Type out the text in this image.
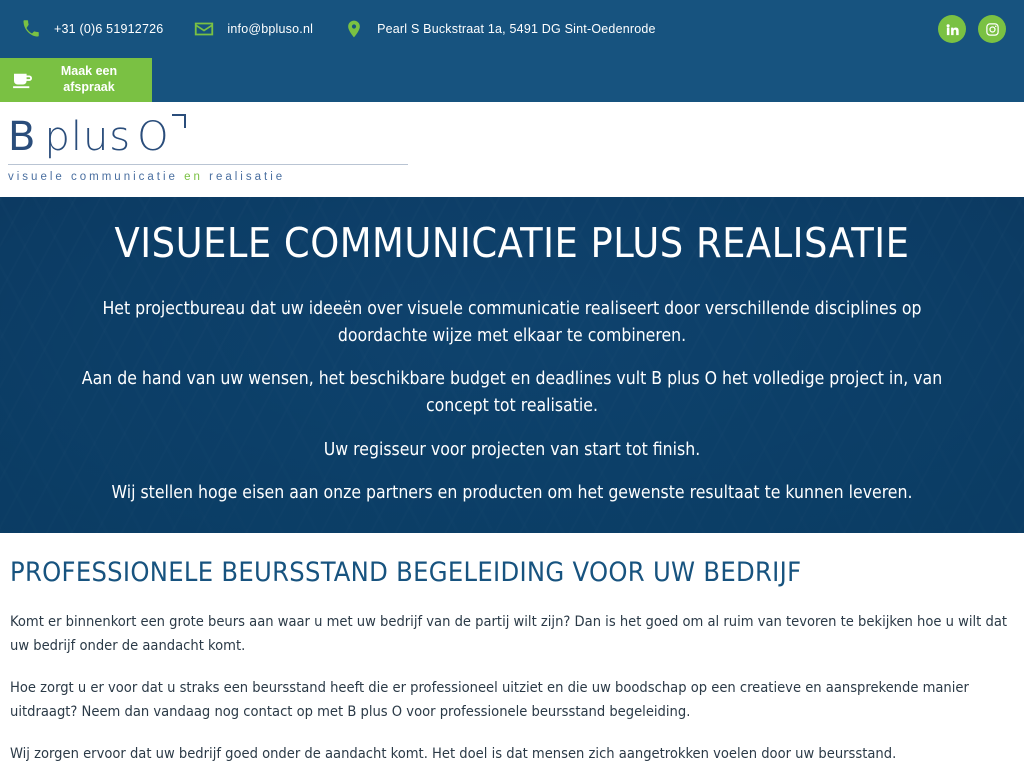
+31 (0)6 51912726	info@bpluso.nl	Pearl S Buckstraat 1a, 5491 DG Sint-Oedenrode
Maak een
afspraak
B plus O
visuele communicatie en realisatie
VISUELE COMMUNICATIE PLUS REALISATIE

Het projectbureau dat uw ideeën over visuele communicatie realiseert door verschillende disciplines op doordachte wijze met elkaar te combineren.

Aan de hand van uw wensen, het beschikbare budget en deadlines vult B plus O het volledige project in, van concept tot realisatie.

Uw regisseur voor projecten van start tot finish.

Wij stellen hoge eisen aan onze partners en producten om het gewenste resultaat te kunnen leveren.

PROFESSIONELE BEURSSTAND BEGELEIDING VOOR UW BEDRIJF

Komt er binnenkort een grote beurs aan waar u met uw bedrijf van de partij wilt zijn? Dan is het goed om al ruim van tevoren te bekijken hoe u wilt dat uw bedrijf onder de aandacht komt.

Hoe zorgt u er voor dat u straks een beursstand heeft die er professioneel uitziet en die uw boodschap op een creatieve en aansprekende manier uitdraagt? Neem dan vandaag nog contact op met B plus O voor professionele beursstand begeleiding.

Wij zorgen ervoor dat uw bedrijf goed onder de aandacht komt. Het doel is dat mensen zich aangetrokken voelen door uw beursstand.
